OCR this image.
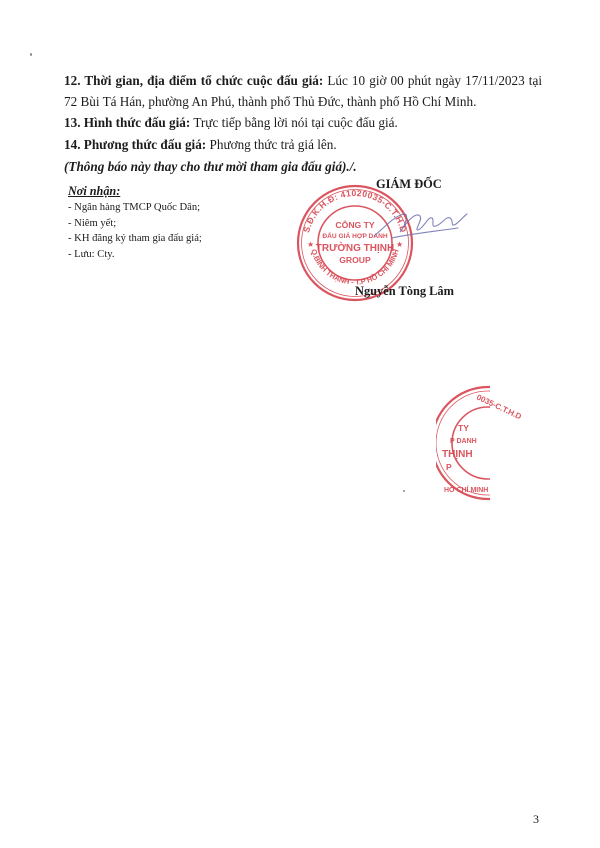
12. Thời gian, địa điểm tổ chức cuộc đấu giá: Lúc 10 giờ 00 phút ngày 17/11/2023 tại 72 Bùi Tá Hán, phường An Phú, thành phố Thủ Đức, thành phố Hồ Chí Minh.

13. Hình thức đấu giá: Trực tiếp bằng lời nói tại cuộc đấu giá.

14. Phương thức đấu giá: Phương thức trả giá lên.

(Thông báo này thay cho thư mời tham gia đấu giá)./.

Nơi nhận:

- Ngân hàng TMCP Quốc Dân;
- Niêm yết;
- KH đăng ký tham gia đấu giá;
- Lưu: Cty.
GIÁM ĐỐC
S.Đ.K.H.Đ: 41020035-C.T.H.D
Q.BÌNH THẠNH - T.P HỒ CHÍ MINH
CÔNG TY
ĐẤU GIÁ HỢP DANH
TRƯỜNG THỊNH
GROUP
★	★
Nguyễn Tòng Lâm
0035-C.T.H.D
HỒ CHÍ MINH
TY
P DANH
THỊNH
P
3
